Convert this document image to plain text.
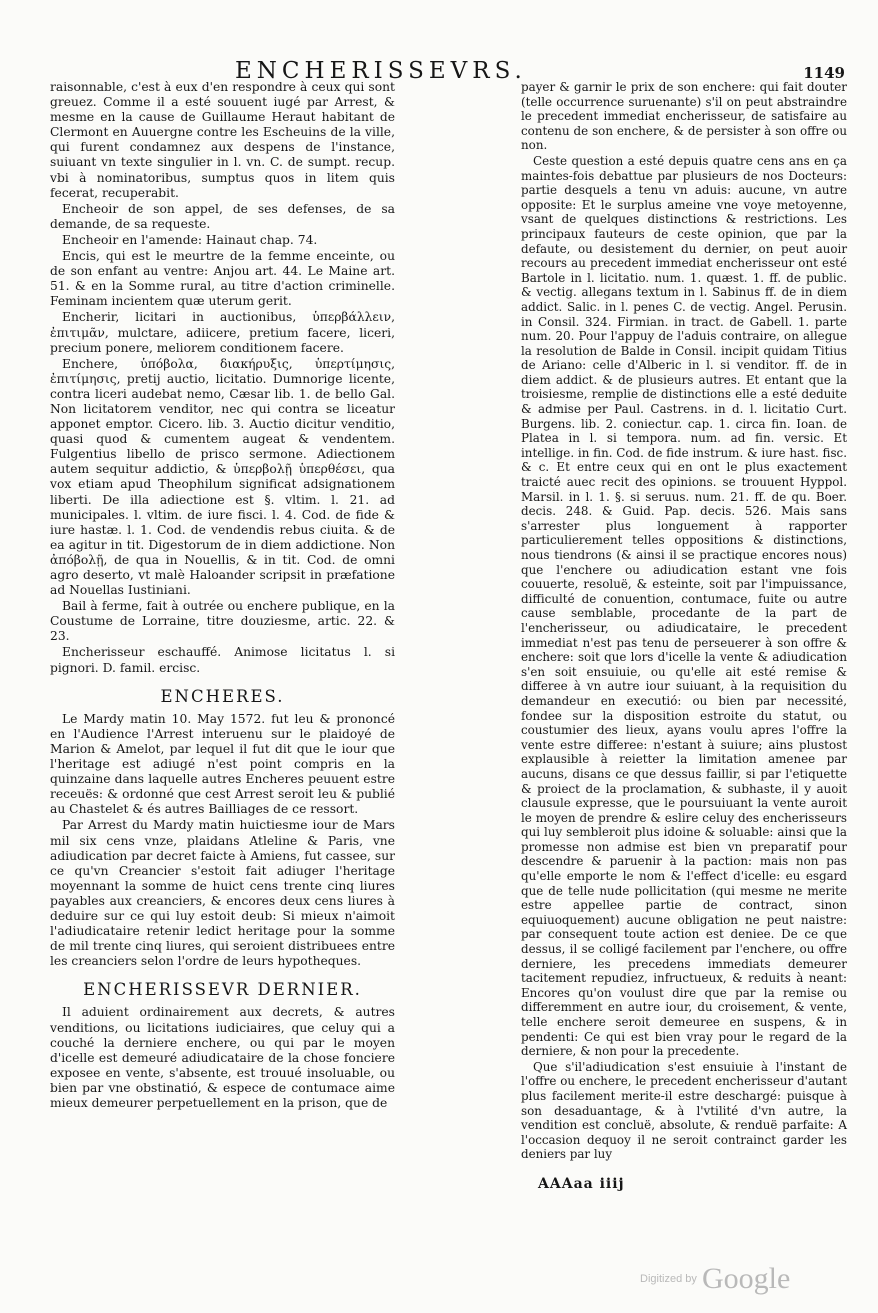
ENCHERISSEVRS.	1149

raisonnable, c'est à eux d'en respondre à ceux qui sont greuez. Comme il a esté souuent iugé par Arrest, & mesme en la cause de Guillaume Heraut habitant de Clermont en Auuergne contre les Escheuins de la ville, qui furent condamnez aux despens de l'instance, suiuant vn texte singulier in l. vn. C. de sumpt. recup. vbi à nominatoribus, sumptus quos in litem quis fecerat, recuperabit.

Encheoir de son appel, de ses defenses, de sa demande, de sa requeste.

Encheoir en l'amende: Hainaut chap. 74.

Encis, qui est le meurtre de la femme enceinte, ou de son enfant au ventre: Anjou art. 44. Le Maine art. 51. & en la Somme rural, au titre d'action criminelle. Feminam incientem quæ uterum gerit.

Encherir, licitari in auctionibus, ὑπερβάλλειν, ἐπιτιμᾶν, mulctare, adiicere, pretium facere, liceri, precium ponere, meliorem conditionem facere.

Enchere, ὑπόβολα, διακήρυξις, ὑπερτίμησις, ἐπιτίμησις, pretij auctio, licitatio. Dumnorige licente, contra liceri audebat nemo, Cæsar lib. 1. de bello Gal. Non licitatorem venditor, nec qui contra se liceatur apponet emptor. Cicero. lib. 3. Auctio dicitur venditio, quasi quod & cumentem augeat & vendentem. Fulgentius libello de prisco sermone. Adiectionem autem sequitur addictio, & ὑπερβολῇ ὑπερθέσει, qua vox etiam apud Theophilum significat adsignationem liberti. De illa adiectione est §. vltim. l. 21. ad municipales. l. vltim. de iure fisci. l. 4. Cod. de fide & iure hastæ. l. 1. Cod. de vendendis rebus ciuita. & de ea agitur in tit. Digestorum de in diem addictione. Non ἀπόβολῇ, de qua in Nouellis, & in tit. Cod. de omni agro deserto, vt malè Haloander scripsit in præfatione ad Nouellas Iustiniani.

Bail à ferme, fait à outrée ou enchere publique, en la Coustume de Lorraine, titre douziesme, artic. 22. & 23.

Encherisseur eschauffé. Animose licitatus l. si pignori. D. famil. ercisc.

ENCHERES.

Le Mardy matin 10. May 1572. fut leu & prononcé en l'Audience l'Arrest interuenu sur le plaidoyé de Marion & Amelot, par lequel il fut dit que le iour que l'heritage est adiugé n'est point compris en la quinzaine dans laquelle autres Encheres peuuent estre receuës: & ordonné que cest Arrest seroit leu & publié au Chastelet & és autres Bailliages de ce ressort.

Par Arrest du Mardy matin huictiesme iour de Mars mil six cens vnze, plaidans Atleline & Paris, vne adiudication par decret faicte à Amiens, fut cassee, sur ce qu'vn Creancier s'estoit fait adiuger l'heritage moyennant la somme de huict cens trente cinq liures payables aux creanciers, & encores deux cens liures à deduire sur ce qui luy estoit deub: Si mieux n'aimoit l'adiudicataire retenir ledict heritage pour la somme de mil trente cinq liures, qui seroient distribuees entre les creanciers selon l'ordre de leurs hypotheques.

ENCHERISSEVR DERNIER.

Il aduient ordinairement aux decrets, & autres venditions, ou licitations iudiciaires, que celuy qui a couché la derniere enchere, ou qui par le moyen d'icelle est demeuré adiudicataire de la chose fonciere exposee en vente, s'absente, est trouué insoluable, ou bien par vne obstinatió, & espece de contumace aime mieux demeurer perpetuellement en la prison, que de

payer & garnir le prix de son enchere: qui fait douter (telle occurrence suruenante) s'il on peut abstraindre le precedent immediat encherisseur, de satisfaire au contenu de son enchere, & de persister à son offre ou non.

Ceste question a esté depuis quatre cens ans en ça maintes-fois debattue par plusieurs de nos Docteurs: partie desquels a tenu vn aduis: aucune, vn autre opposite: Et le surplus ameine vne voye metoyenne, vsant de quelques distinctions & restrictions. Les principaux fauteurs de ceste opinion, que par la defaute, ou desistement du dernier, on peut auoir recours au precedent immediat encherisseur ont esté Bartole in l. licitatio. num. 1. quæst. 1. ff. de public. & vectig. allegans textum in l. Sabinus ff. de in diem addict. Salic. in l. penes C. de vectig. Angel. Perusin. in Consil. 324. Firmian. in tract. de Gabell. 1. parte num. 20. Pour l'appuy de l'aduis contraire, on allegue la resolution de Balde in Consil. incipit quidam Titius de Ariano: celle d'Alberic in l. si venditor. ff. de in diem addict. & de plusieurs autres. Et entant que la troisiesme, remplie de distinctions elle a esté deduite & admise per Paul. Castrens. in d. l. licitatio Curt. Burgens. lib. 2. coniectur. cap. 1. circa fin. Ioan. de Platea in l. si tempora. num. ad fin. versic. Et intellige. in fin. Cod. de fide instrum. & iure hast. fisc. & c. Et entre ceux qui en ont le plus exactement traicté auec recit des opinions. se trouuent Hyppol. Marsil. in l. 1. §. si seruus. num. 21. ff. de qu. Boer. decis. 248. & Guid. Pap. decis. 526. Mais sans s'arrester plus longuement à rapporter particulierement telles oppositions & distinctions, nous tiendrons (& ainsi il se practique encores nous) que l'enchere ou adiudication estant vne fois couuerte, resoluë, & esteinte, soit par l'impuissance, difficulté de conuention, contumace, fuite ou autre cause semblable, procedante de la part de l'encherisseur, ou adiudicataire, le precedent immediat n'est pas tenu de perseuerer à son offre & enchere: soit que lors d'icelle la vente & adiudication s'en soit ensuiuie, ou qu'elle ait esté remise & differee à vn autre iour suiuant, à la requisition du demandeur en executió: ou bien par necessité, fondee sur la disposition estroite du statut, ou coustumier des lieux, ayans voulu apres l'offre la vente estre differee: n'estant à suiure; ains plustost explausible à reietter la limitation amenee par aucuns, disans ce que dessus faillir, si par l'etiquette & proiect de la proclamation, & subhaste, il y auoit clausule expresse, que le poursuiuant la vente auroit le moyen de prendre & eslire celuy des encherisseurs qui luy sembleroit plus idoine & soluable: ainsi que la promesse non admise est bien vn preparatif pour descendre & paruenir à la paction: mais non pas qu'elle emporte le nom & l'effect d'icelle: eu esgard que de telle nude pollicitation (qui mesme ne merite estre appellee partie de contract, sinon equiuoquement) aucune obligation ne peut naistre: par consequent toute action est deniee. De ce que dessus, il se colligé facilement par l'enchere, ou offre derniere, les precedens immediats demeurer tacitement repudiez, infructueux, & reduits à neant: Encores qu'on voulust dire que par la remise ou differemment en autre iour, du croisement, & vente, telle enchere seroit demeuree en suspens, & in pendenti: Ce qui est bien vray pour le regard de la derniere, & non pour la precedente.

Que s'il'adiudication s'est ensuiuie à l'instant de l'offre ou enchere, le precedent encherisseur d'autant plus facilement merite-il estre deschargé: puisque à son desaduantage, & à l'vtilité d'vn autre, la vendition est concluë, absolute, & renduë parfaite: A l'occasion dequoy il ne seroit contrainct garder les deniers par luy

AAAaa iiij
Digitized by Google
